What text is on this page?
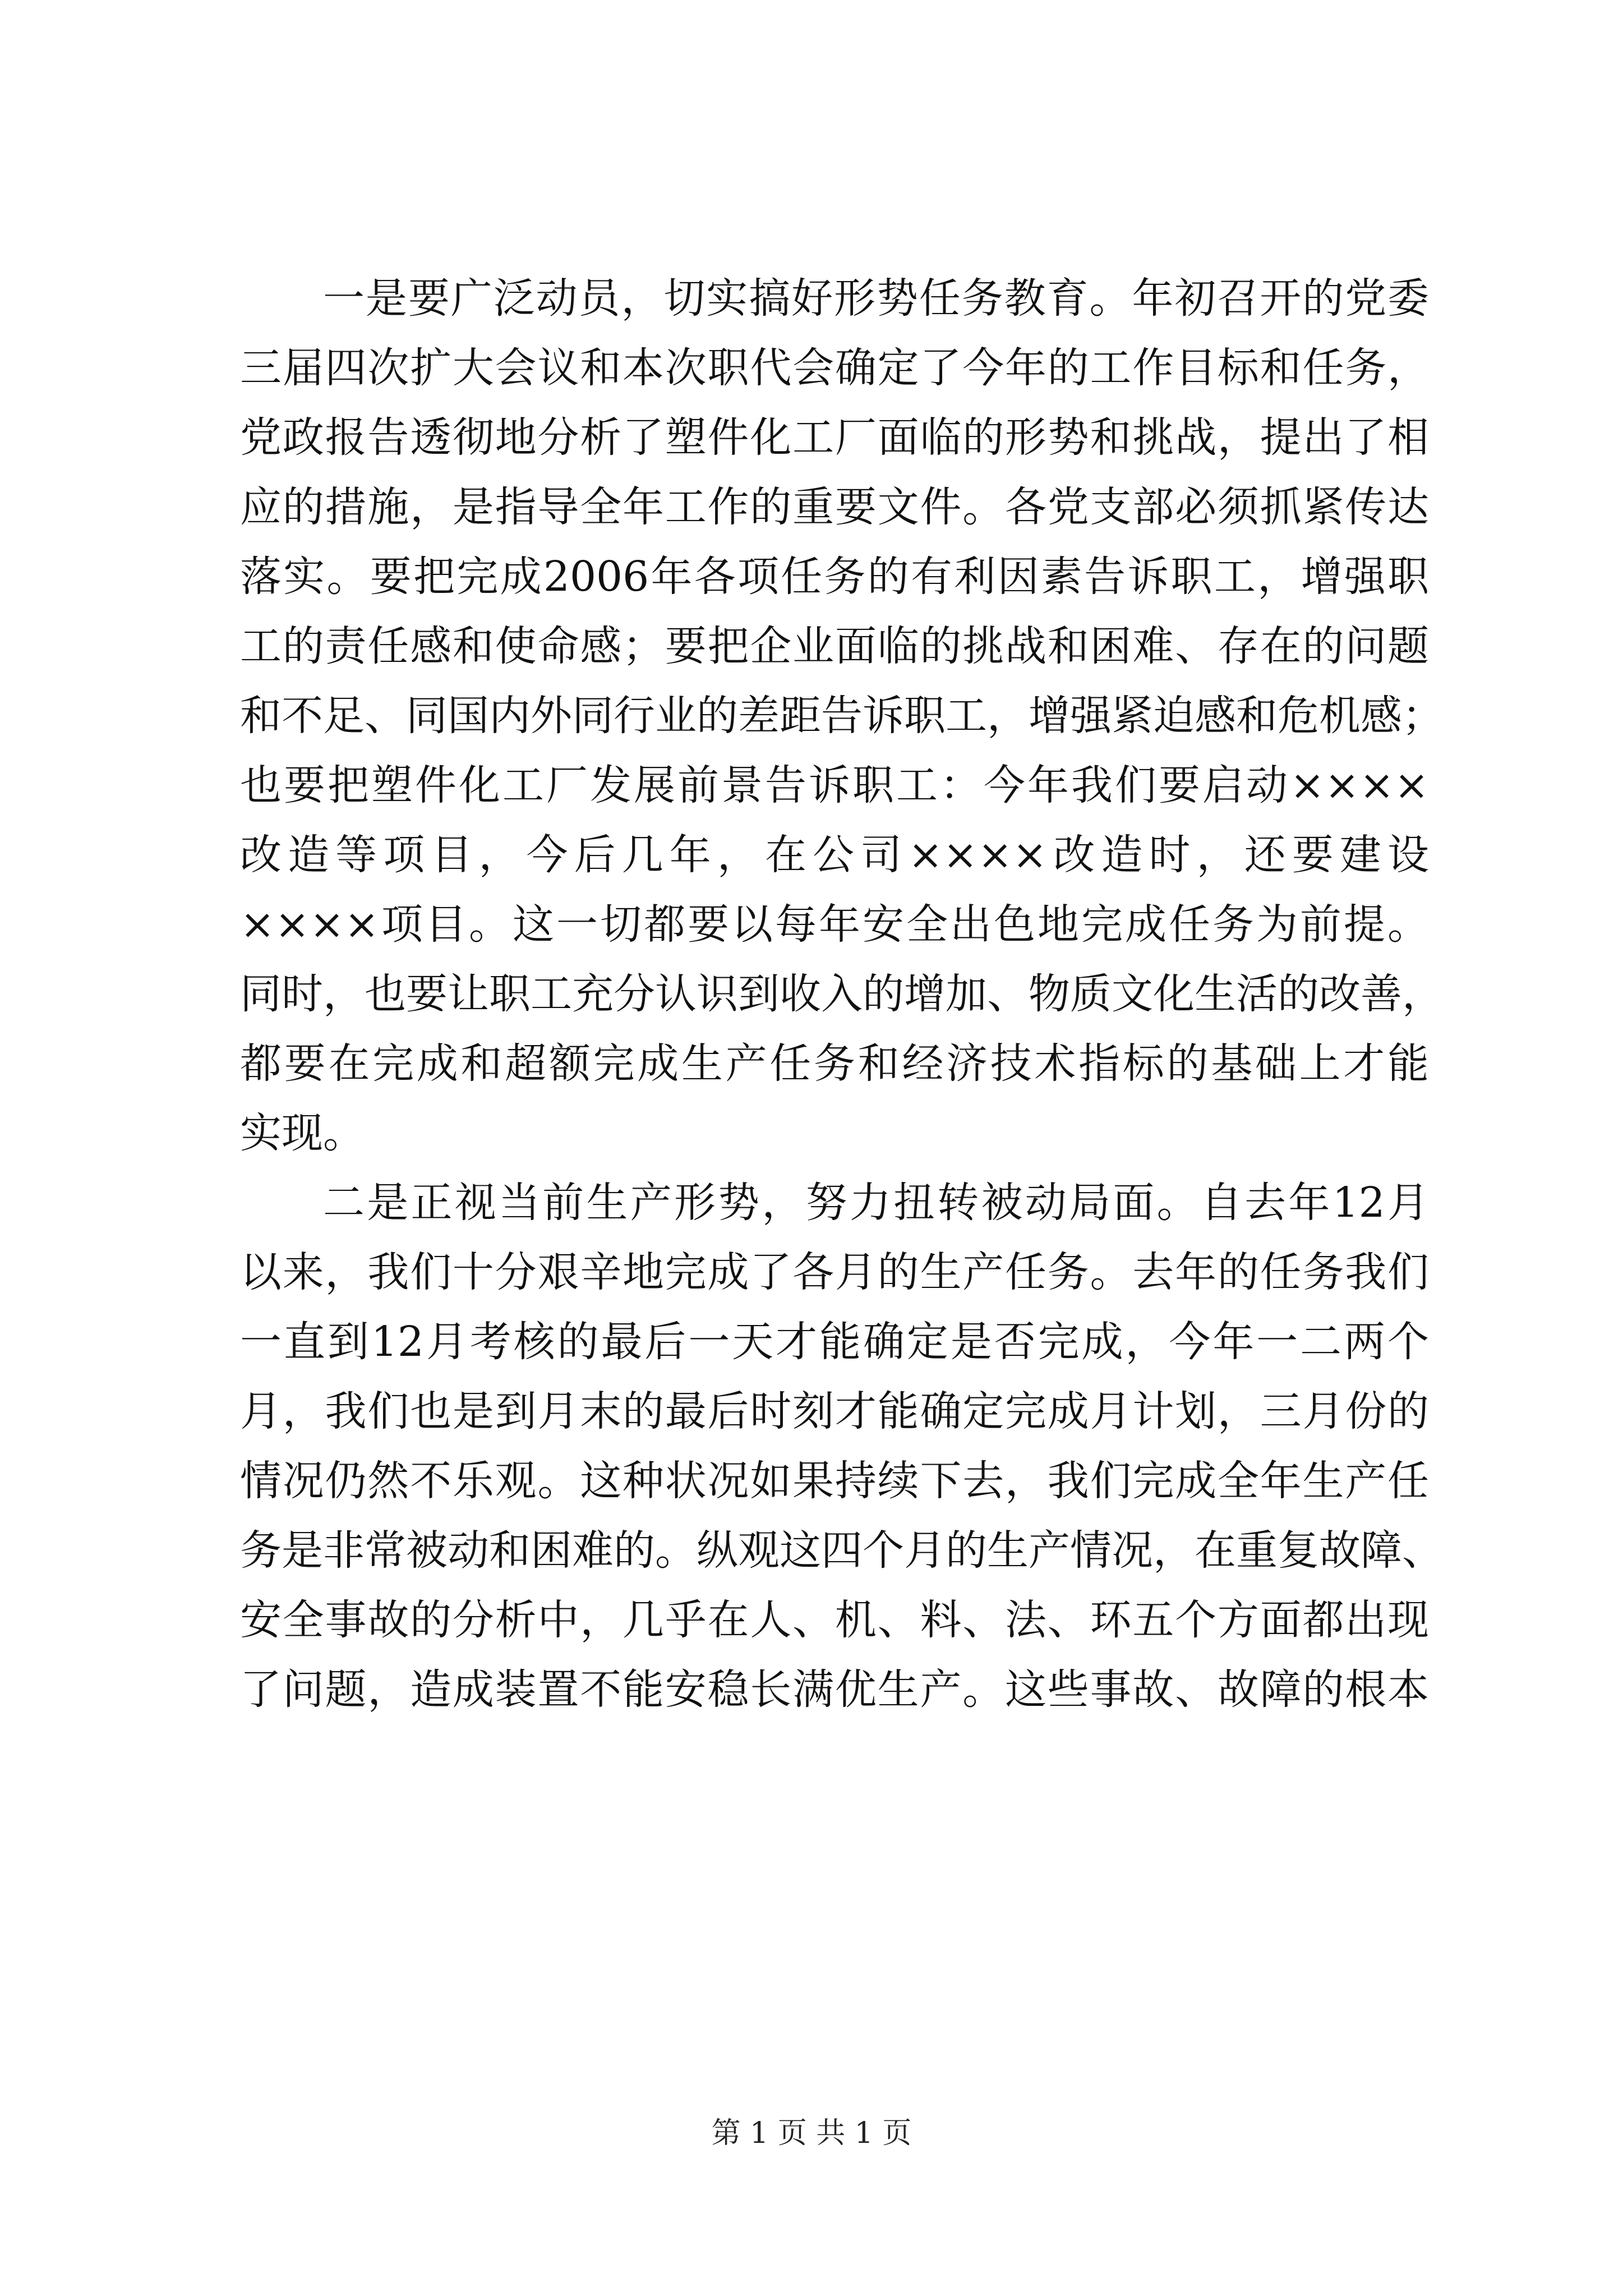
一是要广泛动员，切实搞好形势任务教育。年初召开的党委
三届四次扩大会议和本次职代会确定了今年的工作目标和任务，
党政报告透彻地分析了塑件化工厂面临的形势和挑战，提出了相
应的措施，是指导全年工作的重要文件。各党支部必须抓紧传达
落实。要把完成2006年各项任务的有利因素告诉职工，增强职
工的责任感和使命感；要把企业面临的挑战和困难、存在的问题
和不足、同国内外同行业的差距告诉职工，增强紧迫感和危机感；
也要把塑件化工厂发展前景告诉职工：今年我们要启动××××
改造等项目，今后几年，在公司××××改造时，还要建设
××××项目。这一切都要以每年安全出色地完成任务为前提。
同时，也要让职工充分认识到收入的增加、物质文化生活的改善，
都要在完成和超额完成生产任务和经济技术指标的基础上才能
实现。
二是正视当前生产形势，努力扭转被动局面。自去年12月
以来，我们十分艰辛地完成了各月的生产任务。去年的任务我们
一直到12月考核的最后一天才能确定是否完成，今年一二两个
月，我们也是到月末的最后时刻才能确定完成月计划，三月份的
情况仍然不乐观。这种状况如果持续下去，我们完成全年生产任
务是非常被动和困难的。纵观这四个月的生产情况，在重复故障、
安全事故的分析中，几乎在人、机、料、法、环五个方面都出现
了问题，造成装置不能安稳长满优生产。这些事故、故障的根本
第 1 页 共 1 页
